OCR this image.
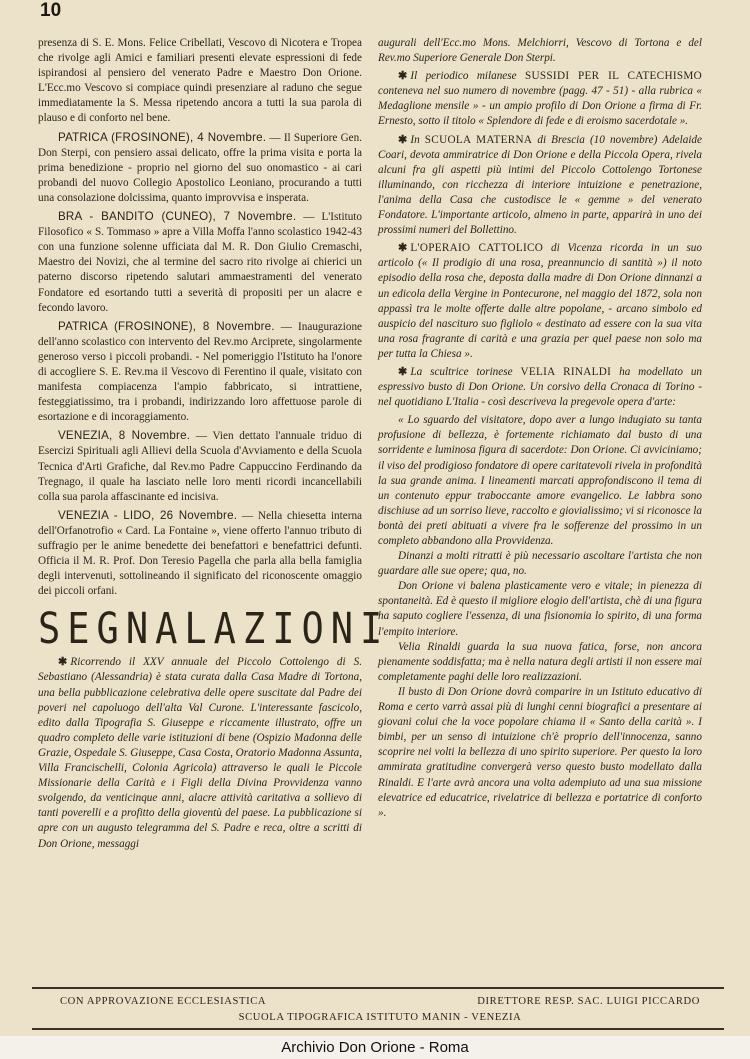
10

presenza di S. E. Mons. Felice Cribellati, Vescovo di Nicotera e Tropea che rivolge agli Amici e familiari presenti elevate espressioni di fede ispirandosi al pensiero del venerato Padre e Maestro Don Orione. L'Ecc.mo Vescovo si compiace quindi presenziare al raduno che segue immediatamente la S. Messa ripetendo ancora a tutti la sua parola di plauso e di conforto nel bene.

PATRICA (FROSINONE), 4 Novembre. — Il Superiore Gen. Don Sterpi, con pensiero assai delicato, offre la prima visita e porta la prima benedizione - proprio nel giorno del suo onomastico - ai cari probandi del nuovo Collegio Apostolico Leoniano, procurando a tutti una consolazione dolcissima, quanto improvvisa e insperata.

BRA - BANDITO (CUNEO), 7 Novembre. — L'Istituto Filosofico « S. Tommaso » apre a Villa Moffa l'anno scolastico 1942-43 con una funzione solenne ufficiata dal M. R. Don Giulio Cremaschi, Maestro dei Novizi, che al termine del sacro rito rivolge ai chierici un paterno discorso ripetendo salutari ammaestramenti del venerato Fondatore ed esortando tutti a severità di propositi per un alacre e fecondo lavoro.

PATRICA (FROSINONE), 8 Novembre. — Inaugurazione dell'anno scolastico con intervento del Rev.mo Arciprete, singolarmente generoso verso i piccoli probandi. - Nel pomeriggio l'Istituto ha l'onore di accogliere S. E. Rev.ma il Vescovo di Ferentino il quale, visitato con manifesta compiacenza l'ampio fabbricato, si intrattiene, festeggiatissimo, tra i probandi, indirizzando loro affettuose parole di esortazione e di incoraggiamento.

VENEZIA, 8 Novembre. — Vien dettato l'annuale triduo di Esercizi Spirituali agli Allievi della Scuola d'Avviamento e della Scuola Tecnica d'Arti Grafiche, dal Rev.mo Padre Cappuccino Ferdinando da Tregnago, il quale ha lasciato nelle loro menti ricordi incancellabili colla sua parola affascinante ed incisiva.

VENEZIA - LIDO, 26 Novembre. — Nella chiesetta interna dell'Orfanotrofio « Card. La Fontaine », viene offerto l'annuo tributo di suffragio per le anime benedette dei benefattori e benefattrici defunti. Officia il M. R. Prof. Don Teresio Pagella che parla alla bella famiglia degli intervenuti, sottolineando il significato del riconoscente omaggio dei piccoli orfani.

SEGNALAZIONI

✱ Ricorrendo il XXV annuale del Piccolo Cottolengo di S. Sebastiano (Alessandria) è stata curata dalla Casa Madre di Tortona, una bella pubblicazione celebrativa delle opere suscitate dal Padre dei poveri nel capoluogo dell'alta Val Curone. L'interessante fascicolo, edito dalla Tipografia S. Giuseppe e riccamente illustrato, offre un quadro completo delle varie istituzioni di bene (Ospizio Madonna delle Grazie, Ospedale S. Giuseppe, Casa Costa, Oratorio Madonna Assunta, Villa Francischelli, Colonia Agricola) attraverso le quali le Piccole Missionarie della Carità e i Figli della Divina Provvidenza vanno svolgendo, da venticinque anni, alacre attività caritativa a sollievo di tanti poverelli e a profitto della gioventù del paese. La pubblicazione si apre con un augusto telegramma del S. Padre e reca, oltre a scritti di Don Orione, messaggi

augurali dell'Ecc.mo Mons. Melchiorri, Vescovo di Tortona e del Rev.mo Superiore Generale Don Sterpi.

✱ Il periodico milanese SUSSIDI PER IL CATECHISMO conteneva nel suo numero di novembre (pagg. 47 - 51) - alla rubrica « Medaglione mensile » - un ampio profilo di Don Orione a firma di Fr. Ernesto, sotto il titolo « Splendore di fede e di eroismo sacerdotale ».

✱ In SCUOLA MATERNA di Brescia (10 novembre) Adelaide Coari, devota ammiratrice di Don Orione e della Piccola Opera, rivela alcuni fra gli aspetti più intimi del Piccolo Cottolengo Tortonese illuminando, con ricchezza di interiore intuizione e penetrazione, l'anima della Casa che custodisce le « gemme » del venerato Fondatore. L'importante articolo, almeno in parte, apparirà in uno dei prossimi numeri del Bollettino.

✱ L'OPERAIO CATTOLICO di Vicenza ricorda in un suo articolo (« Il prodigio di una rosa, preannuncio di santità ») il noto episodio della rosa che, deposta dalla madre di Don Orione dinnanzi a un edicola della Vergine in Pontecurone, nel maggio del 1872, sola non appassì tra le molte offerte dalle altre popolane, - arcano simbolo ed auspicio del nascituro suo figliolo « destinato ad essere con la sua vita una rosa fragrante di carità e una grazia per quel paese non solo ma per tutta la Chiesa ».

✱ La scultrice torinese VELIA RINALDI ha modellato un espressivo busto di Don Orione. Un corsivo della Cronaca di Torino - nel quotidiano L'Italia - così descriveva la pregevole opera d'arte:

« Lo sguardo del visitatore, dopo aver a lungo indugiato su tanta profusione di bellezza, è fortemente richiamato dal busto di una sorridente e luminosa figura di sacerdote: Don Orione. Ci avviciniamo; il viso del prodigioso fondatore di opere caritatevoli rivela in profondità la sua grande anima. I lineamenti marcati approfondiscono il tema di un contenuto eppur traboccante amore evangelico. Le labbra sono dischiuse ad un sorriso lieve, raccolto e giovialissimo; vi si riconosce la bontà dei preti abituati a vivere fra le sofferenze del prossimo in un completo abbandono alla Provvidenza.

Dinanzi a molti ritratti è più necessario ascoltare l'artista che non guardare alle sue opere; qua, no.

Don Orione vi balena plasticamente vero e vitale; in pienezza di spontaneità. Ed è questo il migliore elogio dell'artista, chè di una figura ha saputo cogliere l'essenza, di una fisionomia lo spirito, di una forma l'empito interiore.

Velia Rinaldi guarda la sua nuova fatica, forse, non ancora pienamente soddisfatta; ma è nella natura degli artisti il non essere mai completamente paghi delle loro realizzazioni.

Il busto di Don Orione dovrà comparire in un Istituto educativo di Roma e certo varrà assai più di lunghi cenni biografici a presentare ai giovani colui che la voce popolare chiama il « Santo della carità ». I bimbi, per un senso di intuizione ch'è proprio dell'innocenza, sanno scoprire nei volti la bellezza di uno spirito superiore. Per questo la loro ammirata gratitudine convergerà verso questo busto modellato dalla Rinaldi. E l'arte avrà ancora una volta adempiuto ad una sua missione elevatrice ed educatrice, rivelatrice di bellezza e portatrice di conforto ».

CON APPROVAZIONE ECCLESIASTICA	DIRETTORE RESP. SAC. LUIGI PICCARDO
SCUOLA TIPOGRAFICA ISTITUTO MANIN - VENEZIA
Archivio Don Orione - Roma
